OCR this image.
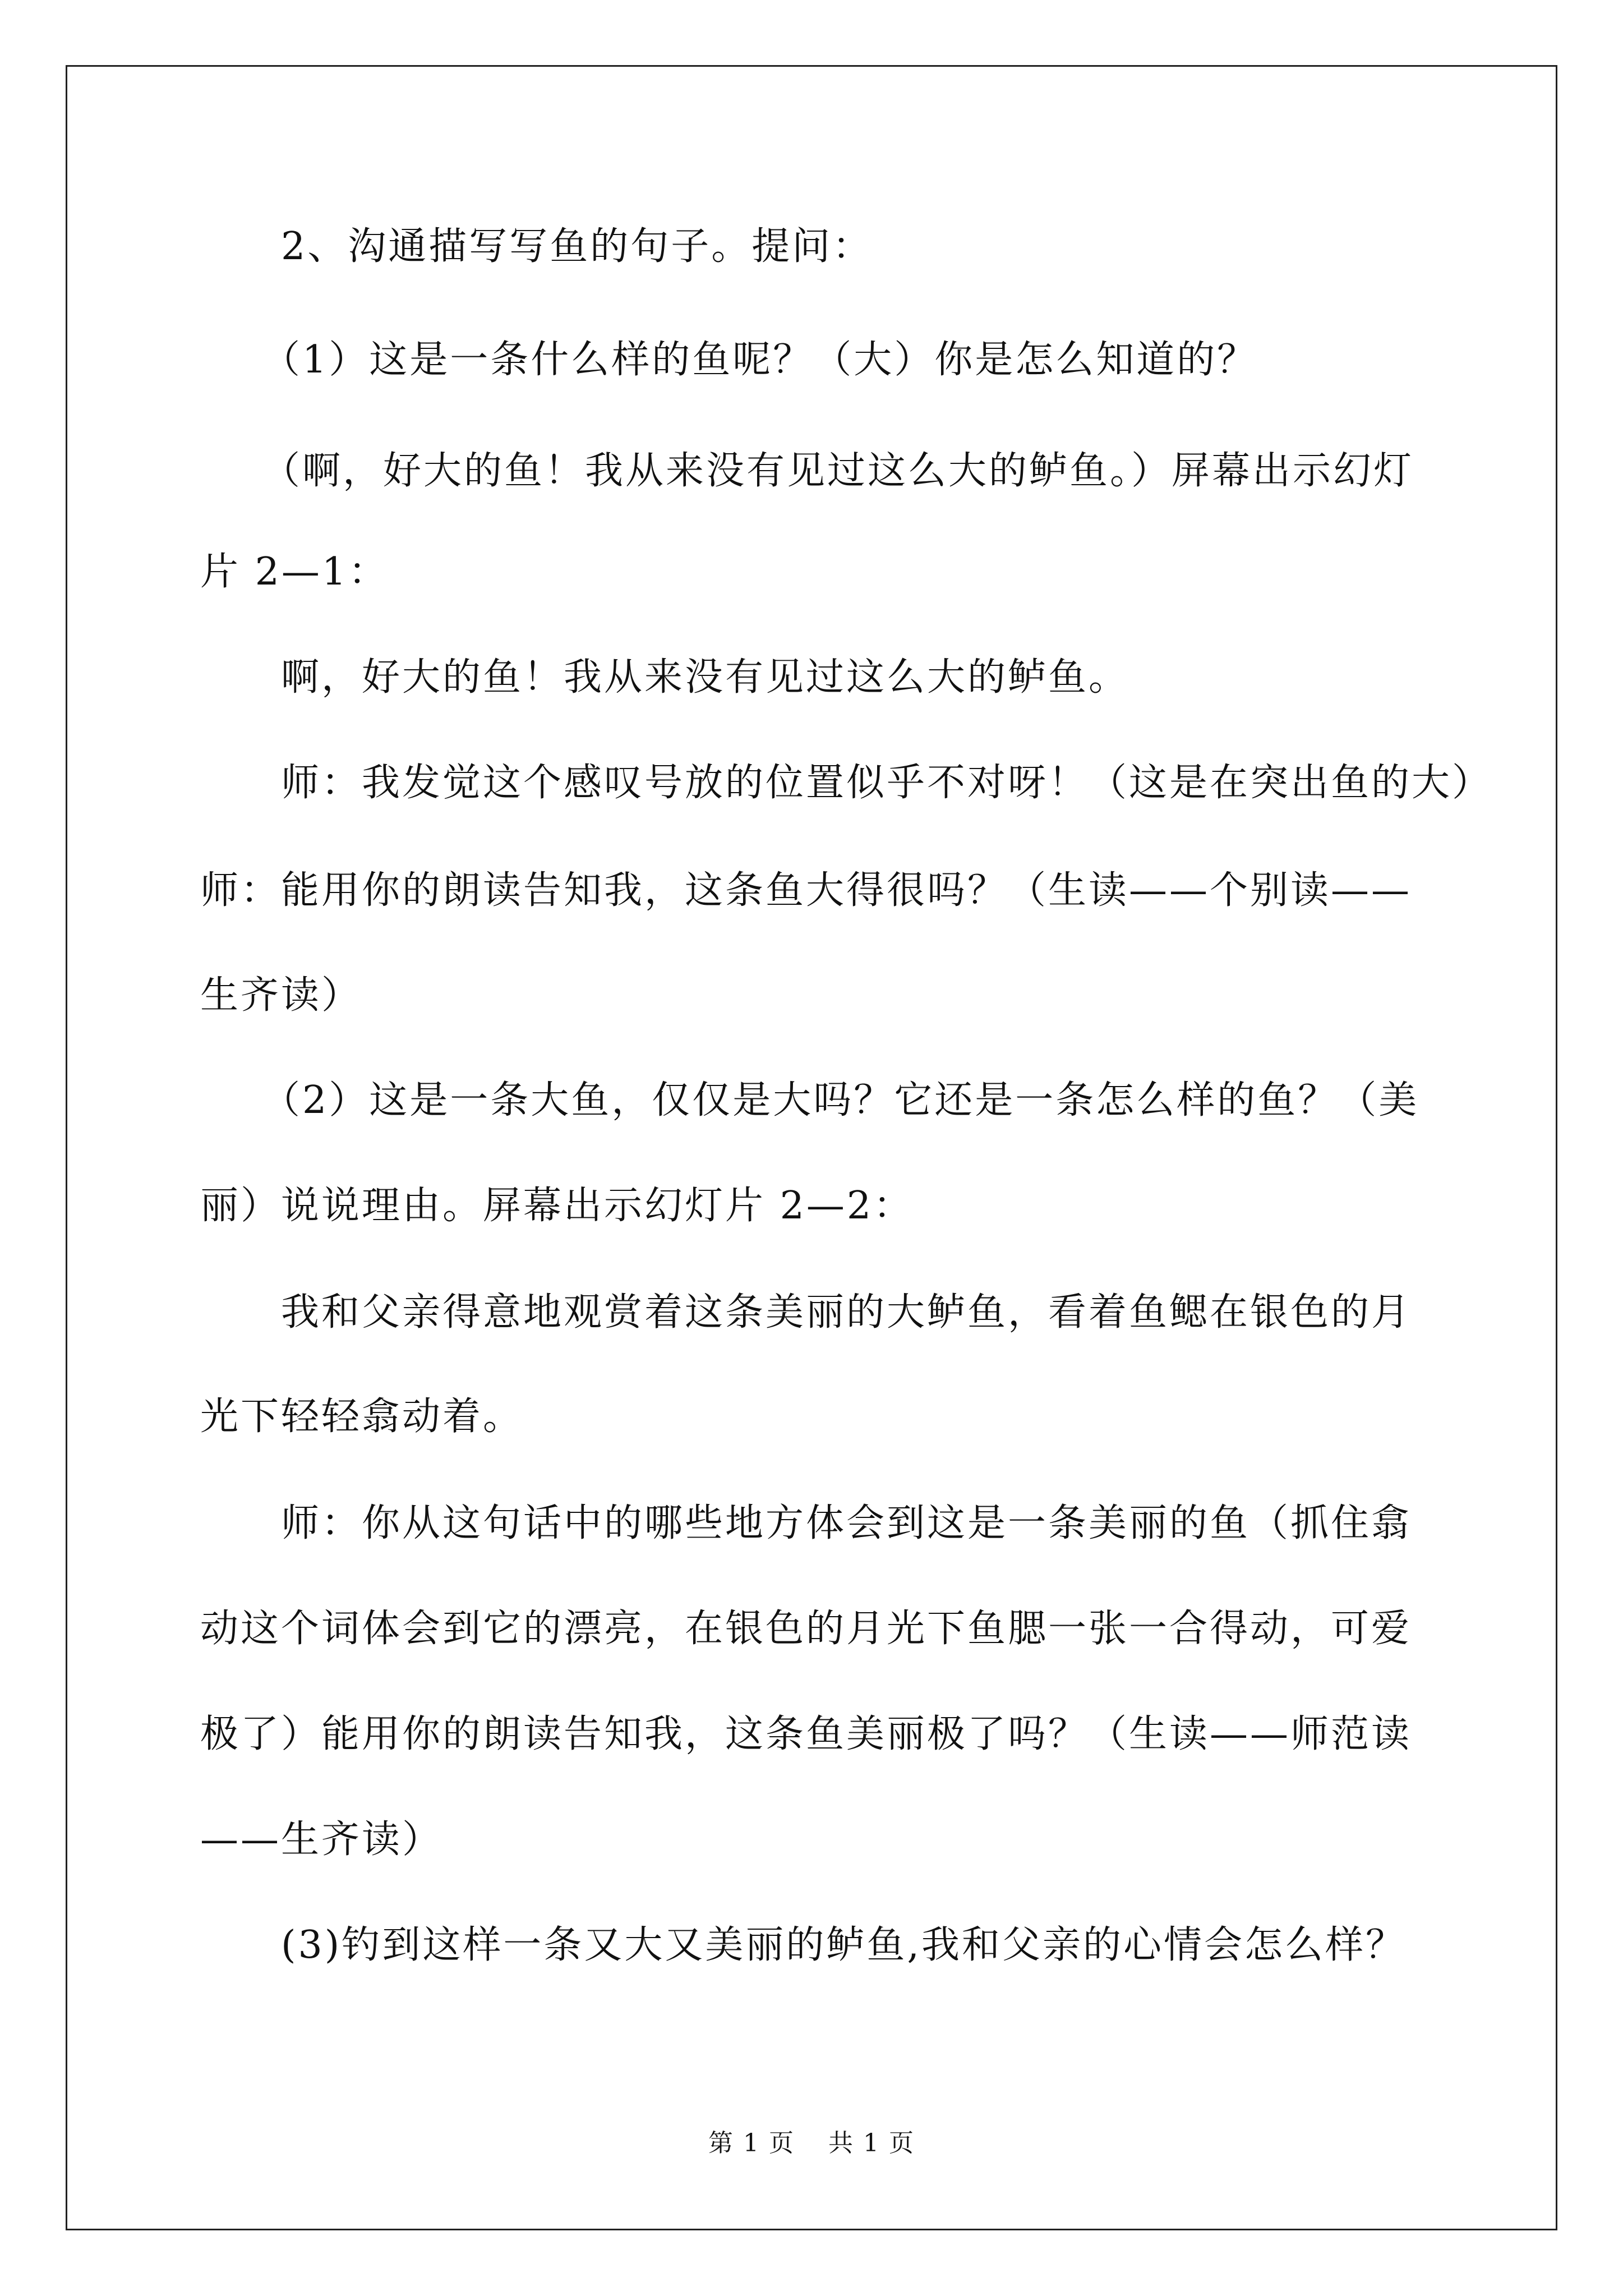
　　2、沟通描写写鱼的句子。提问：
　　（1）这是一条什么样的鱼呢？（大）你是怎么知道的？
　　（啊，好大的鱼！我从来没有见过这么大的鲈鱼。）屏幕出示幻灯
片 2—1：
　　啊，好大的鱼！我从来没有见过这么大的鲈鱼。
　　师：我发觉这个感叹号放的位置似乎不对呀！（这是在突出鱼的大）
师：能用你的朗读告知我，这条鱼大得很吗？（生读——个别读——
生齐读）
　　（2）这是一条大鱼，仅仅是大吗？它还是一条怎么样的鱼？（美
丽）说说理由。屏幕出示幻灯片 2—2：
　　我和父亲得意地观赏着这条美丽的大鲈鱼，看着鱼鳃在银色的月
光下轻轻翕动着。
　　师：你从这句话中的哪些地方体会到这是一条美丽的鱼（抓住翕
动这个词体会到它的漂亮，在银色的月光下鱼腮一张一合得动，可爱
极了）能用你的朗读告知我，这条鱼美丽极了吗？（生读——师范读
——生齐读）
　　(3)钓到这样一条又大又美丽的鲈鱼,我和父亲的心情会怎么样？
第 1 页 共 1 页
